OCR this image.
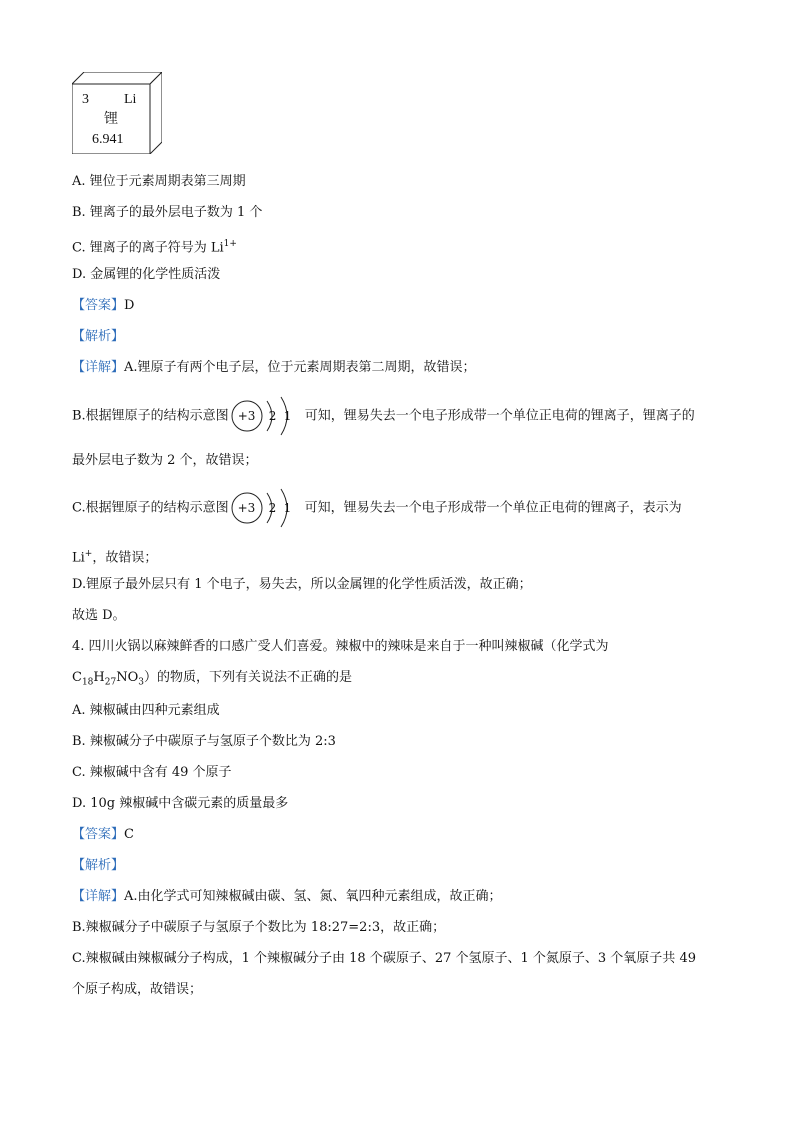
3	Li
锂
6.941
A. 锂位于元素周期表第三周期
B. 锂离子的最外层电子数为 1 个
C. 锂离子的离子符号为 $Li^{1+}$
D. 金属锂的化学性质活泼
【答案】D
【解析】
【详解】A.锂原子有两个电子层，位于元素周期表第二周期，故错误；
B.根据锂原子的结构示意图 +3 2 1 可知，锂易失去一个电子形成带一个单位正电荷的锂离子，锂离子的
最外层电子数为 2 个，故错误；
C.根据锂原子的结构示意图 +3 2 1 可知，锂易失去一个电子形成带一个单位正电荷的锂离子，表示为
Li+，故错误；
D.锂原子最外层只有 1 个电子，易失去，所以金属锂的化学性质活泼，故正确；
故选 D。
4. 四川火锅以麻辣鲜香的口感广受人们喜爱。辣椒中的辣味是来自于一种叫辣椒碱（化学式为
$C_{18}H_{27}NO_3$）的物质，下列有关说法不正确的是
A. 辣椒碱由四种元素组成
B. 辣椒碱分子中碳原子与氢原子个数比为 2:3
C. 辣椒碱中含有 49 个原子
D. 10g 辣椒碱中含碳元素的质量最多
【答案】C
【解析】
【详解】A.由化学式可知辣椒碱由碳、氢、氮、氧四种元素组成，故正确；
B.辣椒碱分子中碳原子与氢原子个数比为 18:27=2:3，故正确；
C.辣椒碱由辣椒碱分子构成，1 个辣椒碱分子由 18 个碳原子、27 个氢原子、1 个氮原子、3 个氧原子共 49
个原子构成，故错误；
